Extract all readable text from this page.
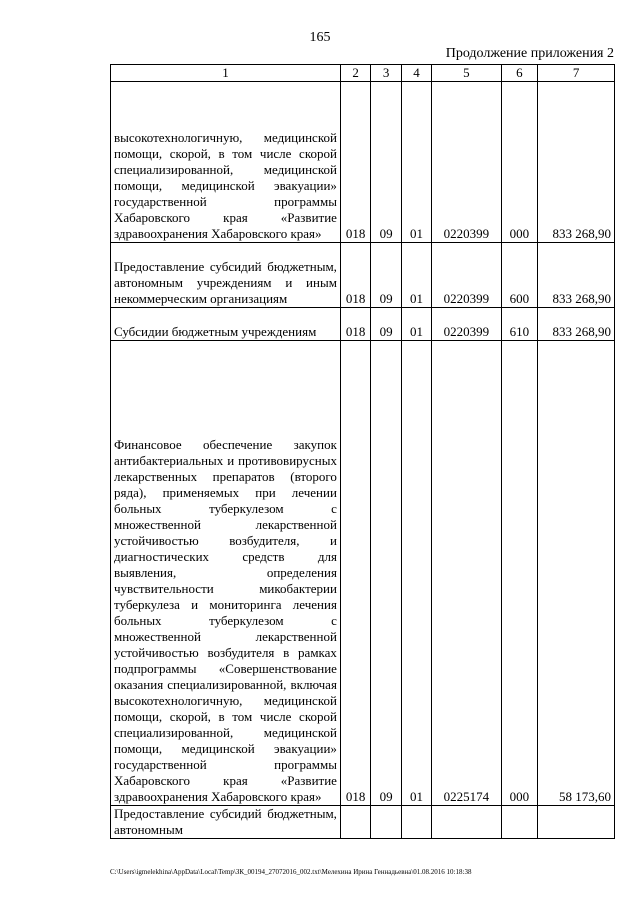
165
Продолжение приложения 2
1	2	3	4	5	6	7
высокотехнологичную, медицинской помощи, скорой, в том числе скорой специализированной, медицинской помощи, медицинской эвакуации» государственной программы Хабаровского края «Развитие здравоохранения Хабаровского края»	018	09	01	0220399	000	833 268,90
Предоставление субсидий бюджетным, автономным учреждениям и иным некоммерческим организациям	018	09	01	0220399	600	833 268,90
Субсидии бюджетным учреждениям	018	09	01	0220399	610	833 268,90
Финансовое обеспечение закупок антибактериальных и противовирусных лекарственных препаратов (второго ряда), применяемых при лечении больных туберкулезом с множественной лекарственной устойчивостью возбудителя, и диагностических средств для выявления, определения чувствительности микобактерии туберкулеза и мониторинга лечения больных туберкулезом с множественной лекарственной устойчивостью возбудителя в рамках подпрограммы «Совершенствование оказания специализированной, включая высокотехнологичную, медицинской помощи, скорой, в том числе скорой специализированной, медицинской помощи, медицинской эвакуации» государственной программы Хабаровского края «Развитие здравоохранения Хабаровского края»	018	09	01	0225174	000	58 173,60
Предоставление субсидий бюджетным, автономным						
C:\Users\igmelekhina\AppData\Local\Temp\ЗК_00194_27072016_002.txt\Мелехина Ирина Геннадьевна\01.08.2016 10:18:38
